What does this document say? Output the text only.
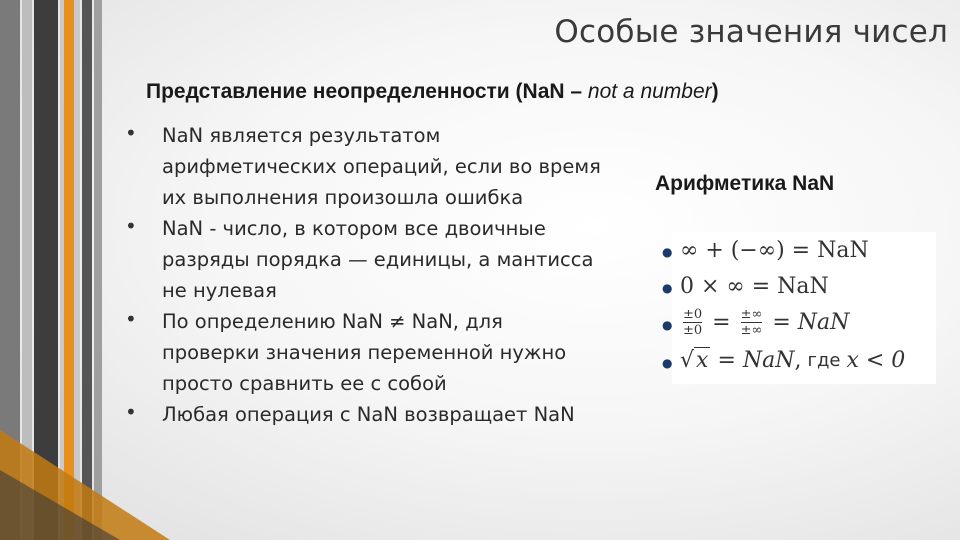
Особые значения чисел
Представление неопределенности (NaN – not a number)
• NaN является результатом арифметических операций, если во время их выполнения произошла ошибка
• NaN - число, в котором все двоичные разряды порядка — единицы, а мантисса не нулевая
• По определению NaN ≠ NaN, для проверки значения переменной нужно просто сравнить ее с собой
• Любая операция с NaN возвращает NaN
Арифметика NaN
∞ + (−∞) = NaN
0 × ∞ = NaN
$\frac{\pm 0}{\pm 0} = \frac{\pm\infty}{\pm\infty}$ = NaN
√ x = NaN , где x < 0
●
●
●
●
